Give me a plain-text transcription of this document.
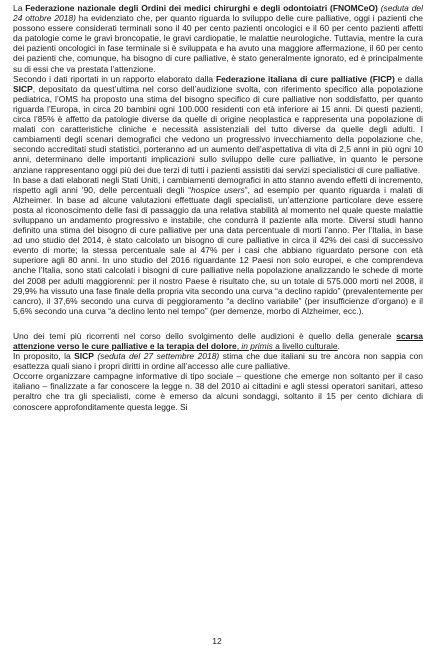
La Federazione nazionale degli Ordini dei medici chirurghi e degli odontoiatri (FNOMCeO) (seduta del 24 ottobre 2018) ha evidenziato che, per quanto riguarda lo sviluppo delle cure palliative, oggi i pazienti che possono essere considerati terminali sono il 40 per cento pazienti oncologici e il 60 per cento pazienti affetti da patologie come le gravi broncopatie, le gravi cardiopatie, le malattie neurologiche. Tuttavia, mentre la cura dei pazienti oncologici in fase terminale si è sviluppata e ha avuto una maggiore affermazione, il 60 per cento dei pazienti che, comunque, ha bisogno di cure palliative, è stato generalmente ignorato, ed è principalmente su di essi che va prestata l’attenzione.

Secondo i dati riportati in un rapporto elaborato dalla Federazione italiana di cure palliative (FICP) e dalla SICP, depositato da quest’ultima nel corso dell’audizione svolta, con riferimento specifico alla popolazione pediatrica, l’OMS ha proposto una stima del bisogno specifico di cure palliative non soddisfatto, per quanto riguarda l’Europa, in circa 20 bambini ogni 100.000 residenti con età inferiore ai 15 anni. Di questi pazienti, circa l’85% è affetto da patologie diverse da quelle di origine neoplastica e rappresenta una popolazione di malati con caratteristiche cliniche e necessità assistenziali del tutto diverse da quelle degli adulti. I cambiamenti degli scenari demografici che vedono un progressivo invecchiamento della popolazione che, secondo accreditati studi statistici, porteranno ad un aumento dell’aspettativa di vita di 2,5 anni in più ogni 10 anni, determinano delle importanti implicazioni sullo sviluppo delle cure palliative, in quanto le persone anziane rappresentano oggi più dei due terzi di tutti i pazienti assistiti dai servizi specialistici di cure palliative.

In base a dati elaborati negli Stati Uniti, i cambiamenti demografici in atto stanno avendo effetti di incremento, rispetto agli anni ’90, delle percentuali degli “hospice users”, ad esempio per quanto riguarda i malati di Alzheimer. In base ad alcune valutazioni effettuate dagli specialisti, un’attenzione particolare deve essere posta al riconoscimento delle fasi di passaggio da una relativa stabilità al momento nel quale queste malattie sviluppano un andamento progressivo e instabile, che condurrà il paziente alla morte. Diversi studi hanno definito una stima del bisogno di cure palliative per una data percentuale di morti l’anno. Per l’Italia, in base ad uno studio del 2014, è stato calcolato un bisogno di cure palliative in circa il 42% dei casi di successivo evento di morte; la stessa percentuale sale al 47% per i casi che abbiano riguardato persone con età superiore agli 80 anni. In uno studio del 2016 riguardante 12 Paesi non solo europei, e che comprendeva anche l’Italia, sono stati calcolati i bisogni di cure palliative nella popolazione analizzando le schede di morte del 2008 per adulti maggiorenni: per il nostro Paese è risultato che, su un totale di 575.000 morti nel 2008, il 29,9% ha vissuto una fase finale della propria vita secondo una curva “a declino rapido” (prevalentemente per cancro), il 37,6% secondo una curva di peggioramento “a declino variabile” (per insufficienze d’organo) e il 5,6% secondo una curva “a declino lento nel tempo” (per demenze, morbo di Alzheimer, ecc.).

Uno dei temi più ricorrenti nel corso dello svolgimento delle audizioni è quello della generale scarsa attenzione verso le cure palliative e la terapia del dolore, in primis a livello culturale.

In proposito, la SICP (seduta del 27 settembre 2018) stima che due italiani su tre ancora non sappia con esattezza quali siano i propri diritti in ordine all’accesso alle cure palliative.

Occorre organizzare campagne informative di tipo sociale – questione che emerge non soltanto per il caso italiano – finalizzate a far conoscere la legge n. 38 del 2010 ai cittadini e agli stessi operatori sanitari, atteso peraltro che tra gli specialisti, come è emerso da alcuni sondaggi, soltanto il 15 per cento dichiara di conoscere approfonditamente questa legge. Si

12
